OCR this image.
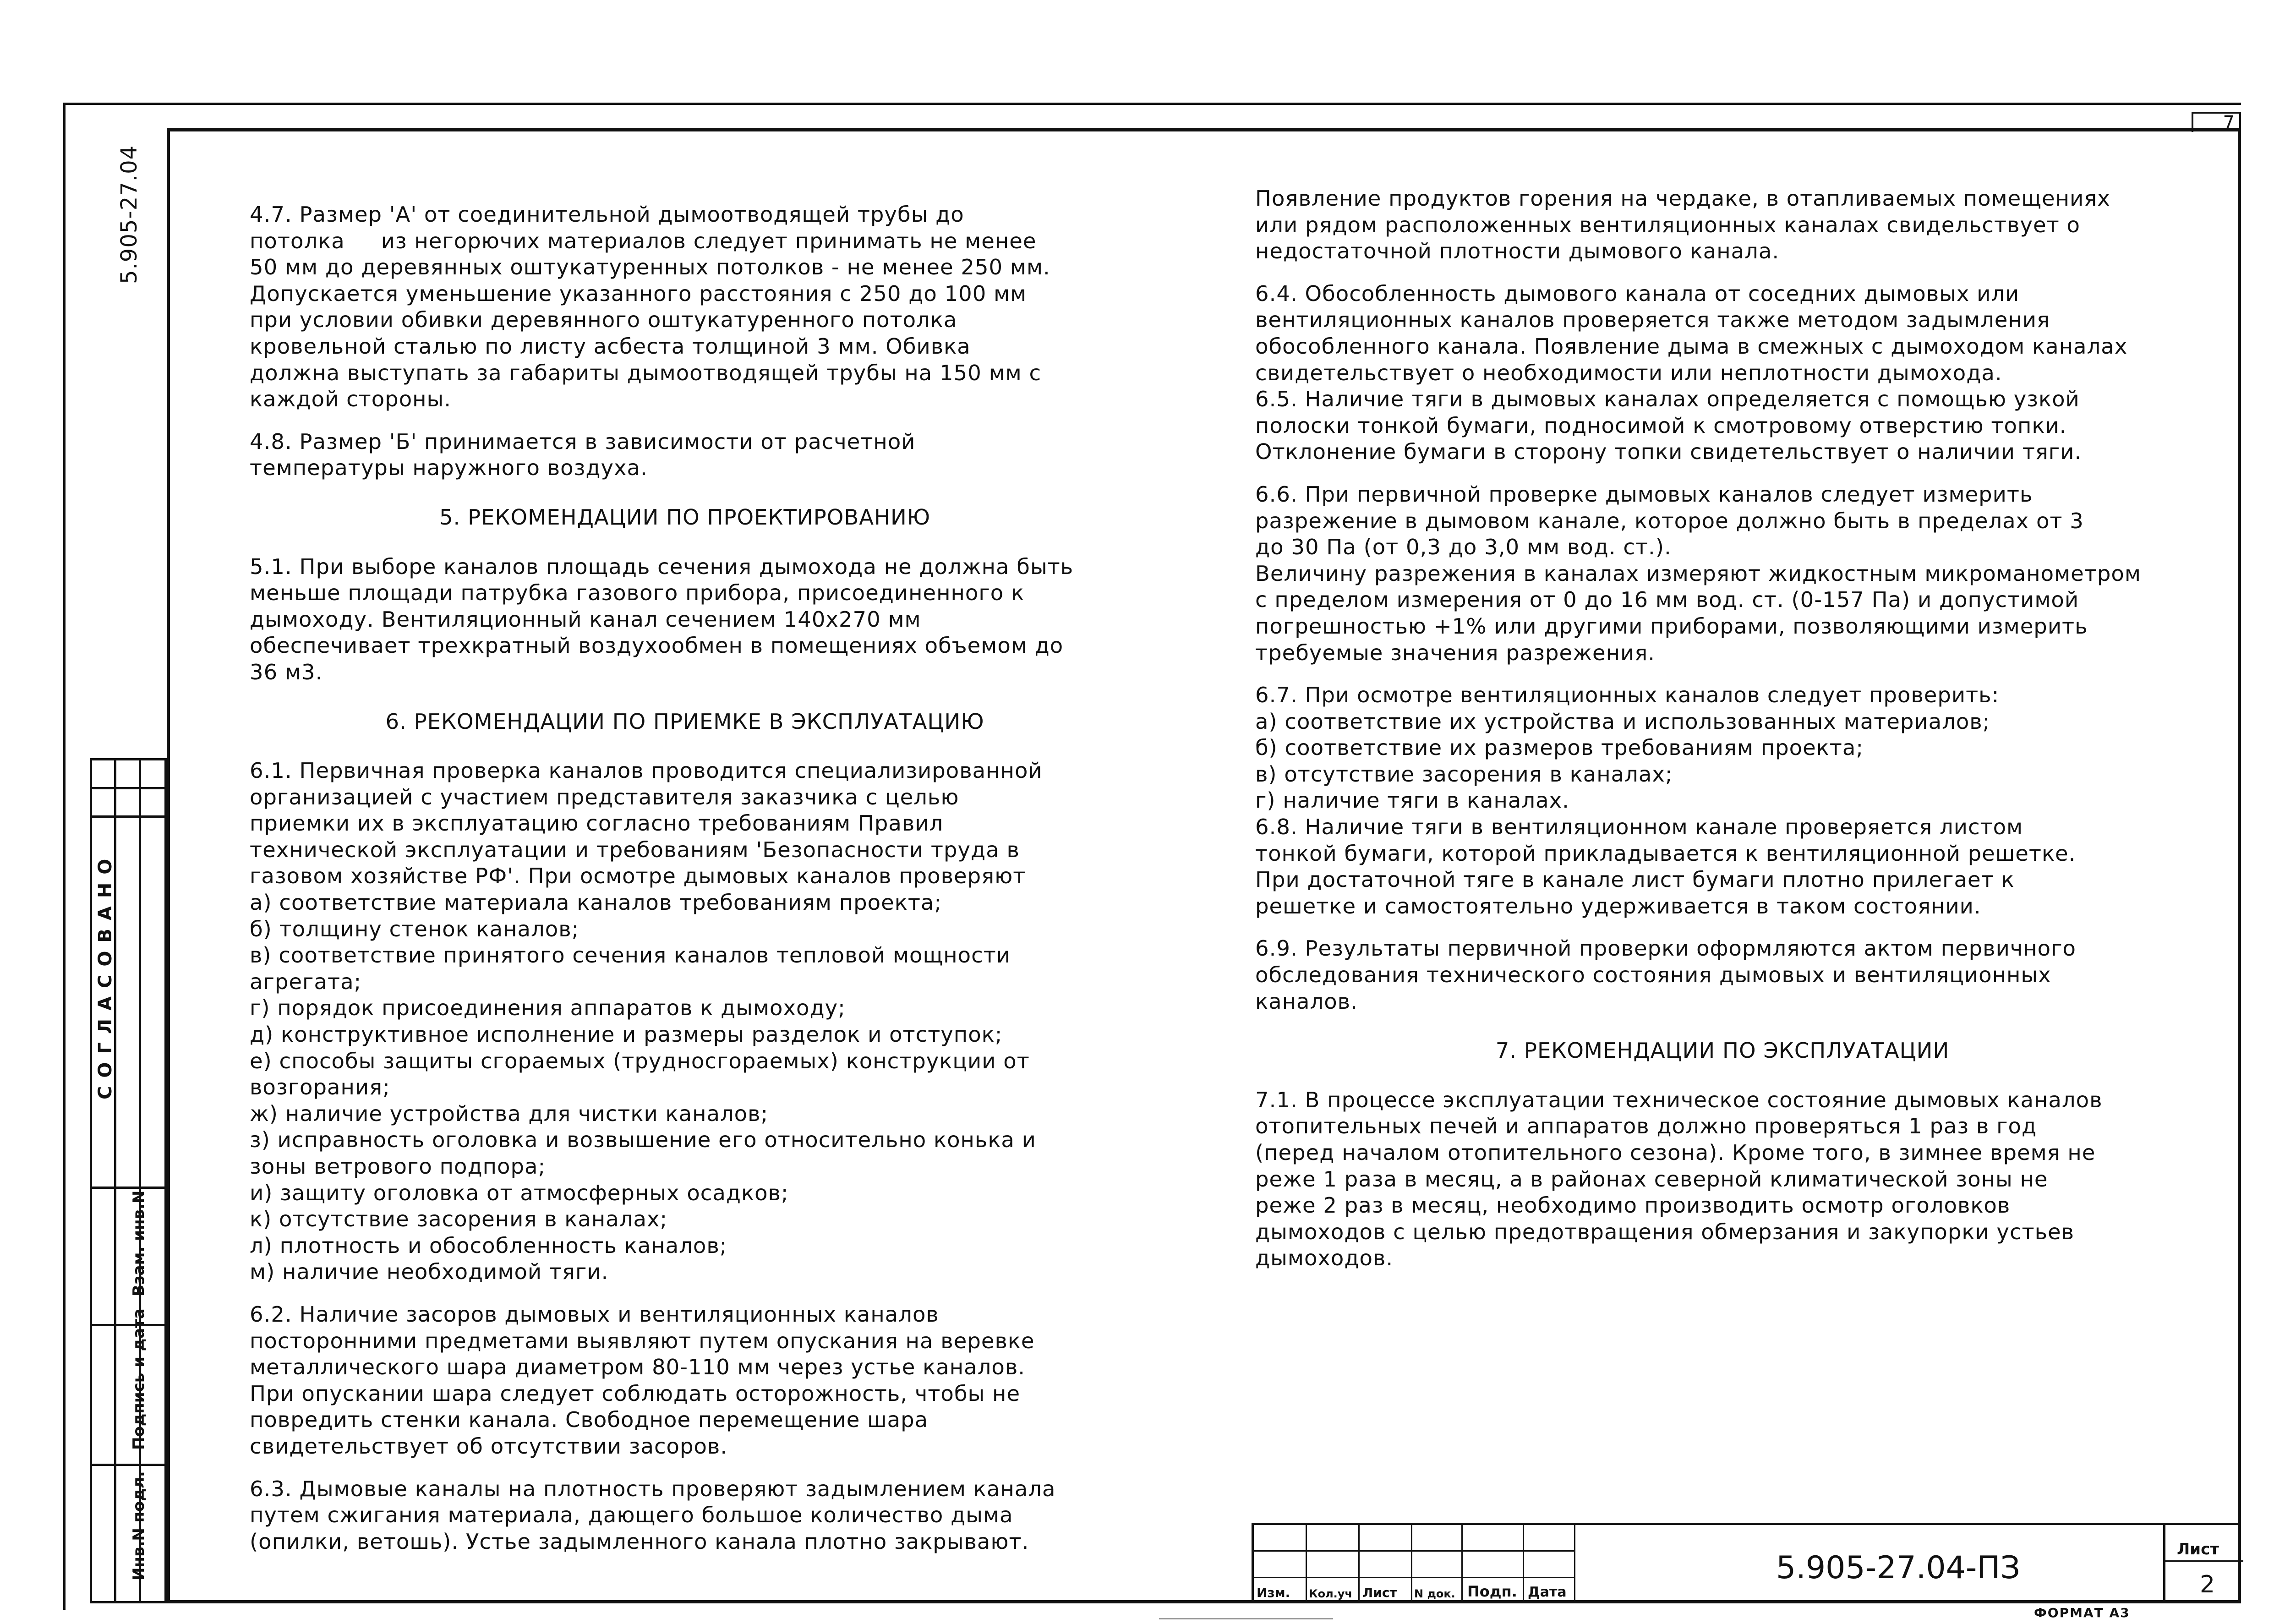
7
5.905-27.04
СОГЛАСОВАНО
Взам. инв.N
Подпись и дата
Инв.N подл.

4.7. Размер 'А' от соединительной дымоотводящей трубы до

потолка     из негорючих материалов следует принимать не менее

50 мм до деревянных оштукатуренных потолков - не менее 250 мм.

Допускается уменьшение указанного расстояния с 250 до 100 мм

при условии обивки деревянного оштукатуренного потолка

кровельной сталью по листу асбеста толщиной 3 мм. Обивка

должна выступать за габариты дымоотводящей трубы на 150 мм с

каждой стороны.

4.8. Размер 'Б' принимается в зависимости от расчетной

температуры наружного воздуха.

5. РЕКОМЕНДАЦИИ ПО ПРОЕКТИРОВАНИЮ

5.1. При выборе каналов площадь сечения дымохода не должна быть

меньше площади патрубка газового прибора, присоединенного к

дымоходу. Вентиляционный канал сечением 140х270 мм

обеспечивает трехкратный воздухообмен в помещениях объемом до

36 м3.

6. РЕКОМЕНДАЦИИ ПО ПРИЕМКЕ В ЭКСПЛУАТАЦИЮ

6.1. Первичная проверка каналов проводится специализированной

организацией с участием представителя заказчика с целью

приемки их в эксплуатацию согласно требованиям Правил

технической эксплуатации и требованиям 'Безопасности труда в

газовом хозяйстве РФ'. При осмотре дымовых каналов проверяют

а) соответствие материала каналов требованиям проекта;

б) толщину стенок каналов;

в) соответствие принятого сечения каналов тепловой мощности

агрегата;

г) порядок присоединения аппаратов к дымоходу;

д) конструктивное исполнение и размеры разделок и отступок;

е) способы защиты сгораемых (трудносгораемых) конструкции от

возгорания;

ж) наличие устройства для чистки каналов;

з) исправность оголовка и возвышение его относительно конька и

зоны ветрового подпора;

и) защиту оголовка от атмосферных осадков;

к) отсутствие засорения в каналах;

л) плотность и обособленность каналов;

м) наличие необходимой тяги.

6.2. Наличие засоров дымовых и вентиляционных каналов

посторонними предметами выявляют путем опускания на веревке

металлического шара диаметром 80-110 мм через устье каналов.

При опускании шара следует соблюдать осторожность, чтобы не

повредить стенки канала. Свободное перемещение шара

свидетельствует об отсутствии засоров.

6.3. Дымовые каналы на плотность проверяют задымлением канала

путем сжигания материала, дающего большое количество дыма

(опилки, ветошь). Устье задымленного канала плотно закрывают.

Появление продуктов горения на чердаке, в отапливаемых помещениях

или рядом расположенных вентиляционных каналах свидельствует о

недостаточной плотности дымового канала.

6.4. Обособленность дымового канала от соседних дымовых или

вентиляционных каналов проверяется также методом задымления

обособленного канала. Появление дыма в смежных с дымоходом каналах

свидетельствует о необходимости или неплотности дымохода.

6.5. Наличие тяги в дымовых каналах определяется с помощью узкой

полоски тонкой бумаги, подносимой к смотровому отверстию топки.

Отклонение бумаги в сторону топки свидетельствует о наличии тяги.

6.6. При первичной проверке дымовых каналов следует измерить

разрежение в дымовом канале, которое должно быть в пределах от 3

до 30 Па (от 0,3 до 3,0 мм вод. ст.).

Величину разрежения в каналах измеряют жидкостным микроманометром

с пределом измерения от 0 до 16 мм вод. ст. (0-157 Па) и допустимой

погрешностью +1% или другими приборами, позволяющими измерить

требуемые значения разрежения.

6.7. При осмотре вентиляционных каналов следует проверить:

а) соответствие их устройства и использованных материалов;

б) соответствие их размеров требованиям проекта;

в) отсутствие засорения в каналах;

г) наличие тяги в каналах.

6.8. Наличие тяги в вентиляционном канале проверяется листом

тонкой бумаги, которой прикладывается к вентиляционной решетке.

При достаточной тяге в канале лист бумаги плотно прилегает к

решетке и самостоятельно удерживается в таком состоянии.

6.9. Результаты первичной проверки оформляются актом первичного

обследования технического состояния дымовых и вентиляционных

каналов.

7. РЕКОМЕНДАЦИИ ПО ЭКСПЛУАТАЦИИ

7.1. В процессе эксплуатации техническое состояние дымовых каналов

отопительных печей и аппаратов должно проверяться 1 раз в год

(перед началом отопительного сезона). Кроме того, в зимнее время не

реже 1 раза в месяц, а в районах северной климатической зоны не

реже 2 раз в месяц, необходимо производить осмотр оголовков

дымоходов с целью предотвращения обмерзания и закупорки устьев

дымоходов.

Изм. Кол.уч Лист N док. Подп. Дата
Лист
5.905-27.04-ПЗ	2
ФОРМАТ А3
